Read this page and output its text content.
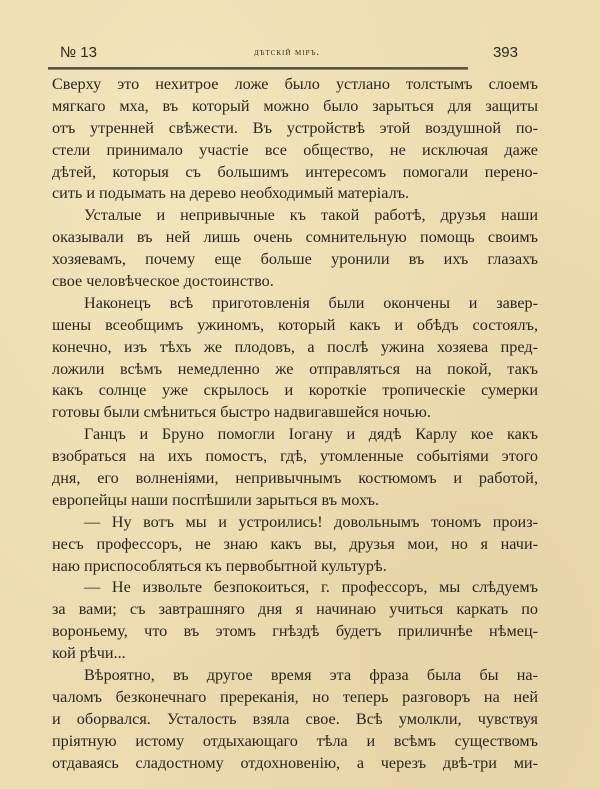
№ 13	дѣтскій міръ.	393
Сверху это нехитрое ложе было устлано толстымъ слоемъ
мягкаго мха, въ который можно было зарыться для защиты
отъ утренней свѣжести. Въ устройствѣ этой воздушной по-
стели принимало участіе все общество, не исключая даже
дѣтей, которыя съ большимъ интересомъ помогали перено-
сить и подымать на дерево необходимый матеріалъ.
Усталые и непривычные къ такой работѣ, друзья наши
оказывали въ ней лишь очень сомнительную помощь своимъ
хозяевамъ, почему еще больше уронили въ ихъ глазахъ
свое человѣческое достоинство.
Наконецъ всѣ приготовленія были окончены и завер-
шены всеобщимъ ужиномъ, который какъ и обѣдъ состоялъ,
конечно, изъ тѣхъ же плодовъ, а послѣ ужина хозяева пред-
ложили всѣмъ немедленно же отправляться на покой, такъ
какъ солнце уже скрылось и короткіе тропическіе сумерки
готовы были смѣниться быстро надвигавшейся ночью.
Ганцъ и Бруно помогли Іогану и дядѣ Карлу кое какъ
взобраться на ихъ помостъ, гдѣ, утомленные событіями этого
дня, его волненіями, непривычнымъ костюмомъ и работой,
европейцы наши поспѣшили зарыться въ мохъ.
— Ну вотъ мы и устроились! довольнымъ тономъ произ-
несъ профессоръ, не знаю какъ вы, друзья мои, но я начи-
наю приспособляться къ первобытной культурѣ.
— Не извольте безпокоиться, г. профессоръ, мы слѣдуемъ
за вами; съ завтрашняго дня я начинаю учиться каркать по
вороньему, что въ этомъ гнѣздѣ будетъ приличнѣе нѣмец-
кой рѣчи...
Вѣроятно, въ другое время эта фраза была бы на-
чаломъ безконечнаго пререканія, но теперь разговоръ на ней
и оборвался. Усталость взяла свое. Всѣ умолкли, чувствуя
пріятную истому отдыхающаго тѣла и всѣмъ существомъ
отдаваясь сладостному отдохновенію, а черезъ двѣ-три ми-
